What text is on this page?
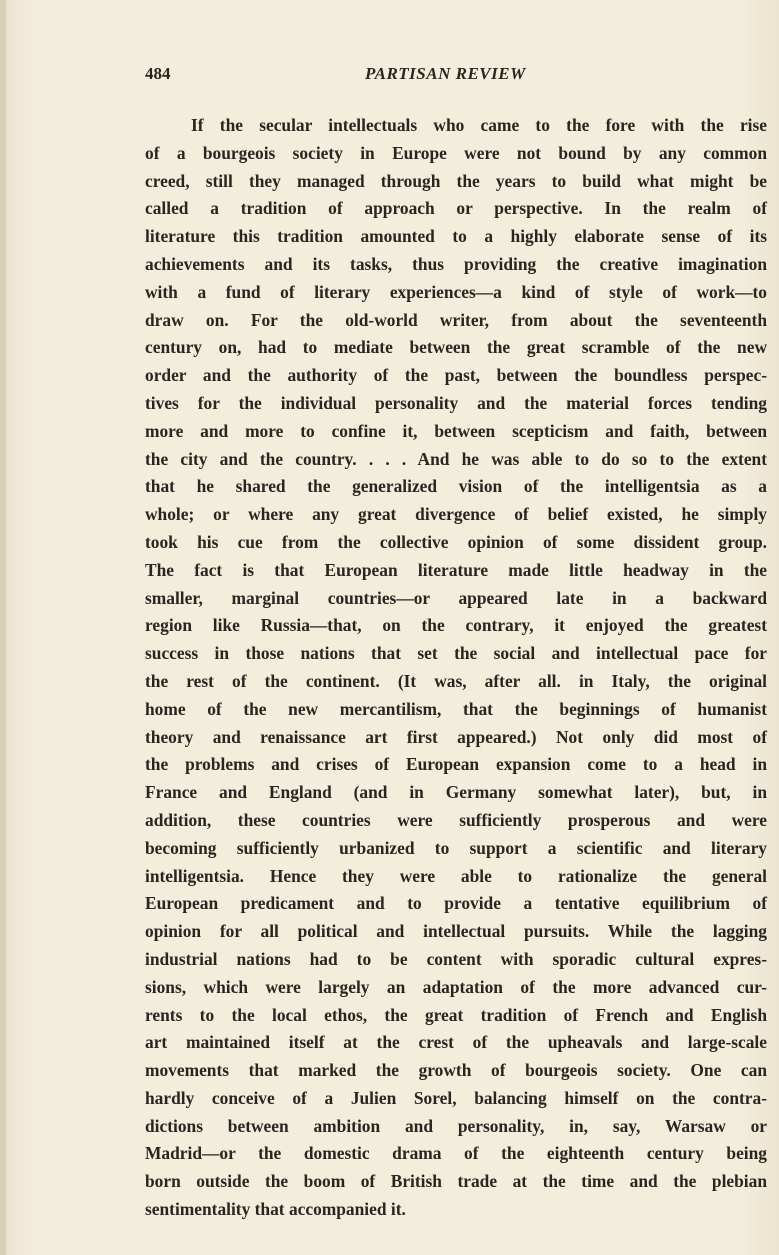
484	PARTISAN REVIEW
If the secular intellectuals who came to the fore with the rise
of a bourgeois society in Europe were not bound by any common
creed, still they managed through the years to build what might be
called a tradition of approach or perspective. In the realm of
literature this tradition amounted to a highly elaborate sense of its
achievements and its tasks, thus providing the creative imagination
with a fund of literary experiences—a kind of style of work—to
draw on. For the old-world writer, from about the seventeenth
century on, had to mediate between the great scramble of the new
order and the authority of the past, between the boundless perspec-
tives for the individual personality and the material forces tending
more and more to confine it, between scepticism and faith, between
the city and the country. . . . And he was able to do so to the extent
that he shared the generalized vision of the intelligentsia as a
whole; or where any great divergence of belief existed, he simply
took his cue from the collective opinion of some dissident group.
The fact is that European literature made little headway in the
smaller, marginal countries—or appeared late in a backward
region like Russia—that, on the contrary, it enjoyed the greatest
success in those nations that set the social and intellectual pace for
the rest of the continent. (It was, after all. in Italy, the original
home of the new mercantilism, that the beginnings of humanist
theory and renaissance art first appeared.) Not only did most of
the problems and crises of European expansion come to a head in
France and England (and in Germany somewhat later), but, in
addition, these countries were sufficiently prosperous and were
becoming sufficiently urbanized to support a scientific and literary
intelligentsia. Hence they were able to rationalize the general
European predicament and to provide a tentative equilibrium of
opinion for all political and intellectual pursuits. While the lagging
industrial nations had to be content with sporadic cultural expres-
sions, which were largely an adaptation of the more advanced cur-
rents to the local ethos, the great tradition of French and English
art maintained itself at the crest of the upheavals and large-scale
movements that marked the growth of bourgeois society. One can
hardly conceive of a Julien Sorel, balancing himself on the contra-
dictions between ambition and personality, in, say, Warsaw or
Madrid—or the domestic drama of the eighteenth century being
born outside the boom of British trade at the time and the plebian
sentimentality that accompanied it.
